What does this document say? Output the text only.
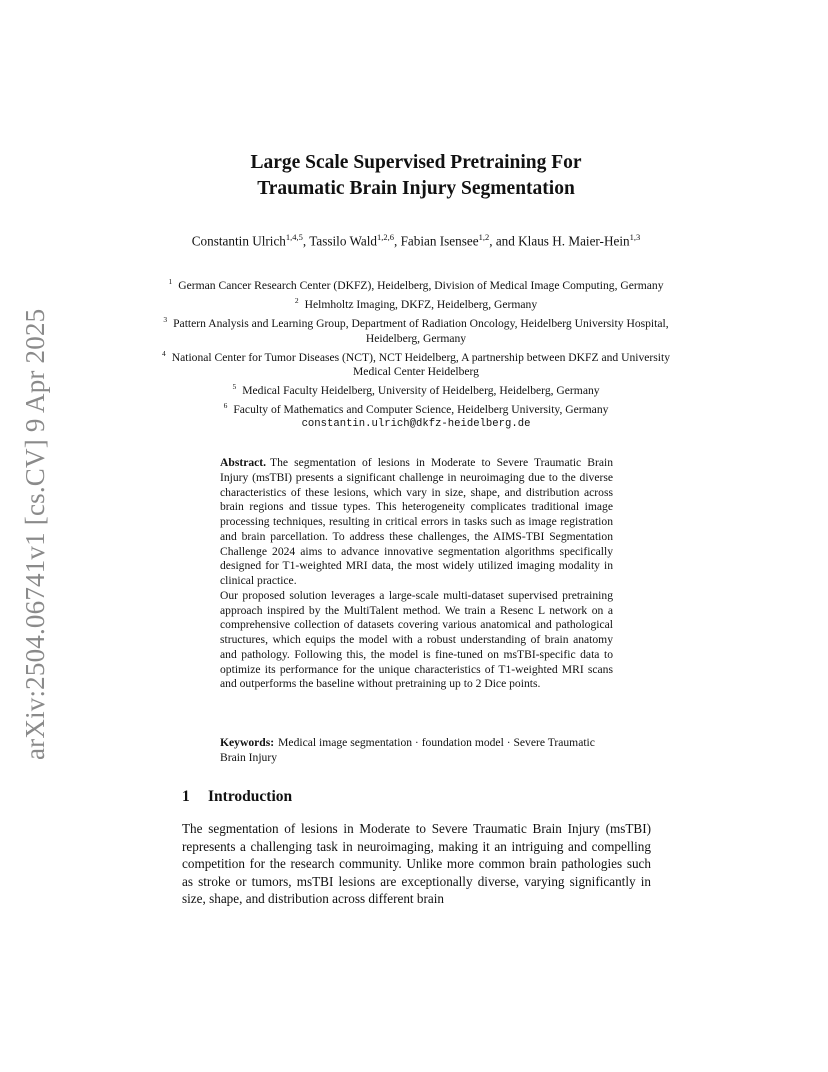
arXiv:2504.06741v1 [cs.CV] 9 Apr 2025
Large Scale Supervised Pretraining For
Traumatic Brain Injury Segmentation

Constantin Ulrich$^{1,4,5}$, Tassilo Wald$^{1,2,6}$, Fabian Isensee$^{1,2}$, and Klaus H. Maier-Hein$^{1,3}$

$^1$ German Cancer Research Center (DKFZ), Heidelberg, Division of Medical Image Computing, Germany

$^2$ Helmholtz Imaging, DKFZ, Heidelberg, Germany

$^3$ Pattern Analysis and Learning Group, Department of Radiation Oncology, Heidelberg University Hospital, Heidelberg, Germany

$^4$ National Center for Tumor Diseases (NCT), NCT Heidelberg, A partnership between DKFZ and University Medical Center Heidelberg

$^5$ Medical Faculty Heidelberg, University of Heidelberg, Heidelberg, Germany

$^6$ Faculty of Mathematics and Computer Science, Heidelberg University, Germany

constantin.ulrich@dkfz-heidelberg.de

Abstract. The segmentation of lesions in Moderate to Severe Traumatic Brain Injury (msTBI) presents a significant challenge in neuroimaging due to the diverse characteristics of these lesions, which vary in size, shape, and distribution across brain regions and tissue types. This heterogeneity complicates traditional image processing techniques, resulting in critical errors in tasks such as image registration and brain parcellation. To address these challenges, the AIMS-TBI Segmentation Challenge 2024 aims to advance innovative segmentation algorithms specifically designed for T1-weighted MRI data, the most widely utilized imaging modality in clinical practice.

Our proposed solution leverages a large-scale multi-dataset supervised pretraining approach inspired by the MultiTalent method. We train a Resenc L network on a comprehensive collection of datasets covering various anatomical and pathological structures, which equips the model with a robust understanding of brain anatomy and pathology. Following this, the model is fine-tuned on msTBI-specific data to optimize its performance for the unique characteristics of T1-weighted MRI scans and outperforms the baseline without pretraining up to 2 Dice points.

Keywords: Medical image segmentation · foundation model · Severe Traumatic Brain Injury

1 Introduction

The segmentation of lesions in Moderate to Severe Traumatic Brain Injury (msTBI) represents a challenging task in neuroimaging, making it an intriguing and compelling competition for the research community. Unlike more common brain pathologies such as stroke or tumors, msTBI lesions are exceptionally diverse, varying significantly in size, shape, and distribution across different brain
